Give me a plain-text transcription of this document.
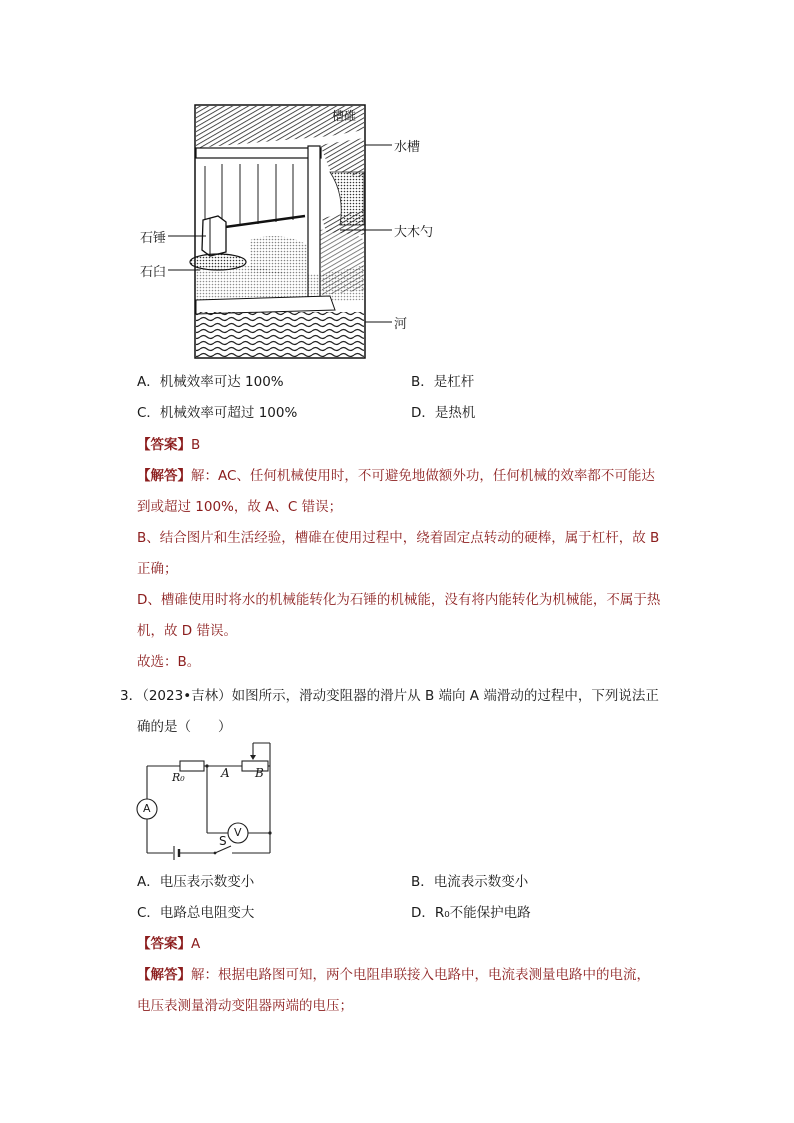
槽碓
水槽
大木勺
石锤
石臼
河
A．机械效率可达 100%	B．是杠杆
C．机械效率可超过 100%	D．是热机
【答案】B
【解答】解：AC、任何机械使用时，不可避免地做额外功，任何机械的效率都不可能达
到或超过 100%，故 A、C 错误；
B、结合图片和生活经验，槽碓在使用过程中，绕着固定点转动的硬棒，属于杠杆，故 B
正确；
D、槽碓使用时将水的机械能转化为石锤的机械能，没有将内能转化为机械能，不属于热
机，故 D 错误。
故选：B。
3．（2023•吉林）如图所示，滑动变阻器的滑片从 B 端向 A 端滑动的过程中，下列说法正
确的是（　　）
R₀	A B
A
V
S
A．电压表示数变小	B．电流表示数变小
C．电路总电阻变大	D．R₀不能保护电路
【答案】A
【解答】解：根据电路图可知，两个电阻串联接入电路中，电流表测量电路中的电流，
电压表测量滑动变阻器两端的电压；
